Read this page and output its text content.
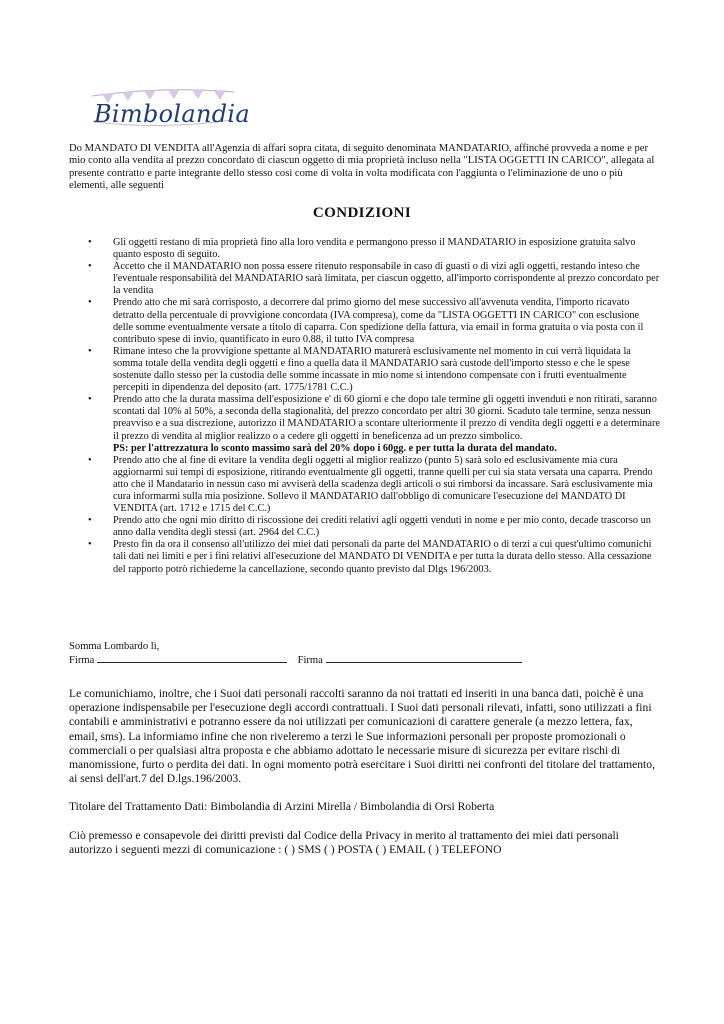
Bimbolandia
Do MANDATO DI VENDITA all'Agenzia di affari sopra citata, di seguito denominata MANDATARIO, affinché provveda a nome e per mio conto alla vendita al prezzo concordato di ciascun oggetto di mia proprietà incluso nella "LISTA OGGETTI IN CARICO", allegata al presente contratto e parte integrante dello stesso così come di volta in volta modificata con l'aggiunta o l'eliminazione de uno o più elementi, alle seguenti
CONDIZIONI
• Gli oggetti restano di mia proprietà fino alla loro vendita e permangono presso il MANDATARIO in esposizione gratuita salvo quanto esposto di seguito.
• Accetto che il MANDATARIO non possa essere ritenuto responsabile in caso di guasti o di vizi agli oggetti, restando inteso che l'eventuale responsabilità del MANDATARIO sarà limitata, per ciascun oggetto, all'importo corrispondente al prezzo concordato per la vendita
• Prendo atto che mi sarà corrisposto, a decorrere dal primo giorno del mese successivo all'avvenuta vendita, l'importo ricavato detratto della percentuale di provvigione concordata (IVA compresa), come da "LISTA OGGETTI IN CARICO" con esclusione delle somme eventualmente versate a titolo di caparra. Con spedizione della fattura, via email in forma gratuita o via posta con il contributo spese di invio, quantificato in euro 0.88, il tutto IVA compresa
• Rimane inteso che la provvigione spettante al MANDATARIO maturerà esclusivamente nel momento in cui verrà liquidata la somma totale della vendita degli oggetti e fino a quella data il MANDATARIO sarà custode dell'importo stesso e che le spese sostenute dallo stesso per la custodia delle somme incassate in mio nome si intendono compensate con i frutti eventualmente percepiti in dipendenza del deposito (art. 1775/1781 C.C.)
• Prendo atto che la durata massima dell'esposizione e' di 60 giorni e che dopo tale termine gli oggetti invenduti e non ritirati, saranno scontati dal 10% al 50%, a seconda della stagionalità, del prezzo concordato per altri 30 giorni. Scaduto tale termine, senza nessun preavviso e a sua discrezione, autorizzo il MANDATARIO a scontare ulteriormente il prezzo di vendita degli oggetti e a determinare il prezzo di vendita al miglior realizzo o a cedere gli oggetti in beneficenza ad un prezzo simbolico.
PS: per l'attrezzatura lo sconto massimo sarà del 20% dopo i 60gg. e per tutta la durata del mandato.
• Prendo atto che al fine di evitare la vendita degli oggetti al miglior realizzo (punto 5) sarà solo ed esclusivamente mia cura aggiornarmi sui tempi di esposizione, ritirando eventualmente gli oggetti, tranne quelli per cui sia stata versata una caparra. Prendo atto che il Mandatario in nessun caso mi avviserà della scadenza degli articoli o sui rimborsi da incassare. Sarà esclusivamente mia cura informarmi sulla mia posizione. Sollevo il MANDATARIO dall'obbligo di comunicare l'esecuzione del MANDATO DI VENDITA (art. 1712 e 1715 del C.C.)
• Prendo atto che ogni mio diritto di riscossione dei crediti relativi agli oggetti venduti in nome e per mio conto, decade trascorso un anno dalla vendita degli stessi (art. 2964 del C.C.)
• Presto fin da ora il consenso all'utilizzo dei miei dati personali da parte del MANDATARIO o di terzi a cui quest'ultimo comunichi tali dati nei limiti e per i fini relativi all'esecuzione del MANDATO DI VENDITA e per tutta la durata dello stesso. Alla cessazione del rapporto potrò richiederne la cancellazione, secondo quanto previsto dal Dlgs 196/2003.
Somma Lombardo lì,
Firma	Firma
Le comunichiamo, inoltre, che i Suoi dati personali raccolti saranno da noi trattati ed inseriti in una banca dati, poichè è una operazione indispensabile per l'esecuzione degli accordi contrattuali. I Suoi dati personali rilevati, infatti, sono utilizzati a fini contabili e amministrativi e potranno essere da noi utilizzati per comunicazioni di carattere generale (a mezzo lettera, fax, email, sms). La informiamo infine che non riveleremo a terzi le Sue informazioni personali per proposte promozionali o commerciali o per qualsiasi altra proposta e che abbiamo adottato le necessarie misure di sicurezza per evitare rischi di manomissione, furto o perdita dei dati. In ogni momento potrà esercitare i Suoi diritti nei confronti del titolare del trattamento, ai sensi dell'art.7 del D.lgs.196/2003.
Titolare del Trattamento Dati: Bimbolandia di Arzini Mirella / Bimbolandia di Orsi Roberta
Ciò premesso e consapevole dei diritti previsti dal Codice della Privacy in merito al trattamento dei miei dati personali autorizzo i seguenti mezzi di comunicazione : ( ) SMS ( ) POSTA ( ) EMAIL ( ) TELEFONO
